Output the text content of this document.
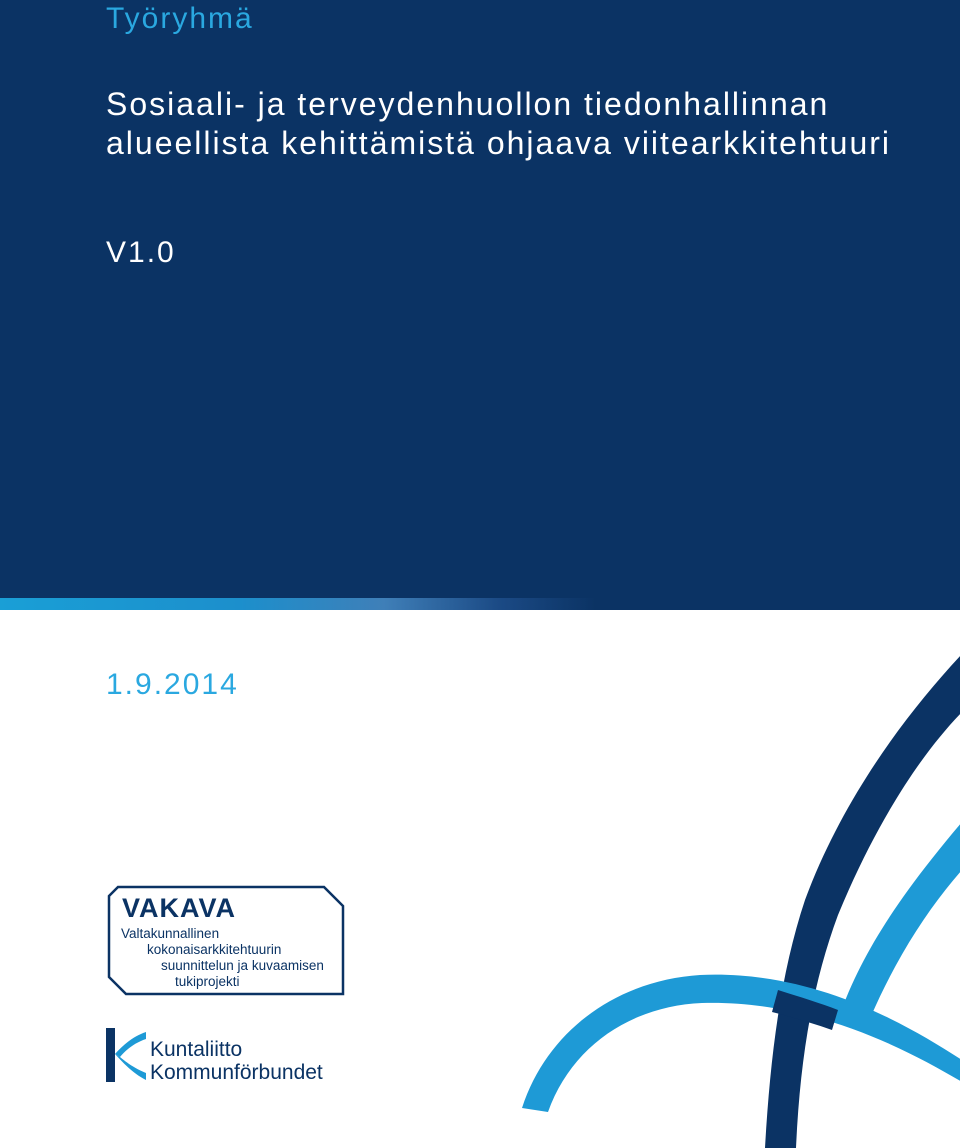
Työryhmä
Sosiaali- ja terveydenhuollon tiedonhallinnan
alueellista kehittämistä ohjaava viitearkkitehtuuri
V1.0
1.9.2014
VAKAVA
Valtakunnallinen
kokonaisarkkitehtuurin
suunnittelun ja kuvaamisen
tukiprojekti
Kuntaliitto
Kommunförbundet
